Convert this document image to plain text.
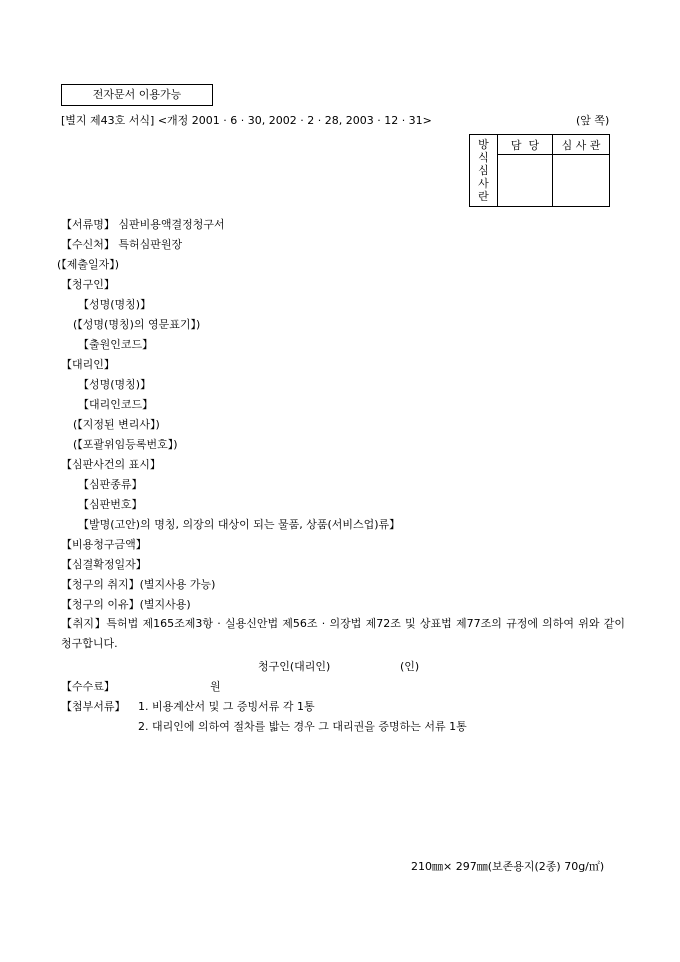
전자문서 이용가능
[별지 제43호 서식] <개정 2001 · 6 · 30, 2002 · 2 · 28, 2003 · 12 · 31>	(앞 쪽)
방
식
심
사
란	담  당	심 사 관

【서류명】 심판비용액결정청구서
【수신처】 특허심판원장
(【제출일자】)
【청구인】
【성명(명칭)】
(【성명(명칭)의 영문표기】)
【출원인코드】
【대리인】
【성명(명칭)】
【대리인코드】
(【지정된 변리사】)
(【포괄위임등록번호】)
【심판사건의 표시】
【심판종류】
【심판번호】
【발명(고안)의 명칭, 의장의 대상이 되는 물품, 상품(서비스업)류】
【비용청구금액】
【심결확정일자】
【청구의 취지】(별지사용 가능)
【청구의 이유】(별지사용)
【취지】특허법 제165조제3항 · 실용신안법 제56조 · 의장법 제72조 및 상표법 제77조의 규정에 의하여 위와 같이 청구합니다.
청구인(대리인)	(인)
【수수료】	원
【첨부서류】 1. 비용계산서 및 그 증빙서류 각 1통
2. 대리인에 의하여 절차를 밟는 경우 그 대리권을 증명하는 서류 1통
210㎜× 297㎜(보존용지(2종) 70g/㎡)
